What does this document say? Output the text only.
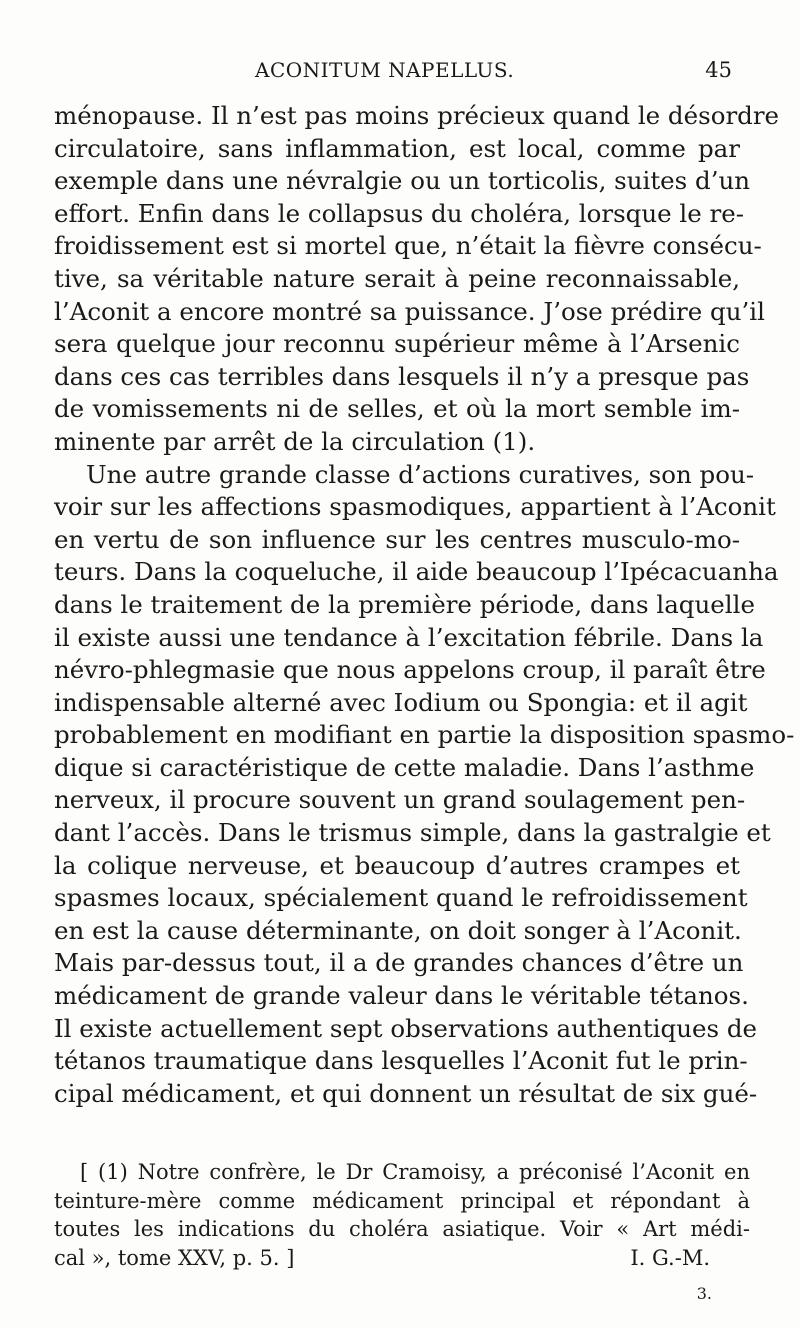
ACONITUM NAPELLUS.	45
ménopause. Il n’est pas moins précieux quand le désordre
circulatoire, sans inflammation, est local, comme par
exemple dans une névralgie ou un torticolis, suites d’un
effort. Enfin dans le collapsus du choléra, lorsque le re-
froidissement est si mortel que, n’était la fièvre consécu-
tive, sa véritable nature serait à peine reconnaissable,
l’Aconit a encore montré sa puissance. J’ose prédire qu’il
sera quelque jour reconnu supérieur même à l’Arsenic
dans ces cas terribles dans lesquels il n’y a presque pas
de vomissements ni de selles, et où la mort semble im-
minente par arrêt de la circulation (1).
Une autre grande classe d’actions curatives, son pou-
voir sur les affections spasmodiques, appartient à l’Aconit
en vertu de son influence sur les centres musculo-mo-
teurs. Dans la coqueluche, il aide beaucoup l’Ipécacuanha
dans le traitement de la première période, dans laquelle
il existe aussi une tendance à l’excitation fébrile. Dans la
névro-phlegmasie que nous appelons croup, il paraît être
indispensable alterné avec Iodium ou Spongia: et il agit
probablement en modifiant en partie la disposition spasmo-
dique si caractéristique de cette maladie. Dans l’asthme
nerveux, il procure souvent un grand soulagement pen-
dant l’accès. Dans le trismus simple, dans la gastralgie et
la colique nerveuse, et beaucoup d’autres crampes et
spasmes locaux, spécialement quand le refroidissement
en est la cause déterminante, on doit songer à l’Aconit.
Mais par-dessus tout, il a de grandes chances d’être un
médicament de grande valeur dans le véritable tétanos.
Il existe actuellement sept observations authentiques de
tétanos traumatique dans lesquelles l’Aconit fut le prin-
cipal médicament, et qui donnent un résultat de six gué-
[ (1) Notre confrère, le Dr Cramoisy, a préconisé l’Aconit en
teinture-mère comme médicament principal et répondant à
toutes les indications du choléra asiatique. Voir « Art médi-
cal », tome XXV, p. 5. ]	I. G.-M.
3.
